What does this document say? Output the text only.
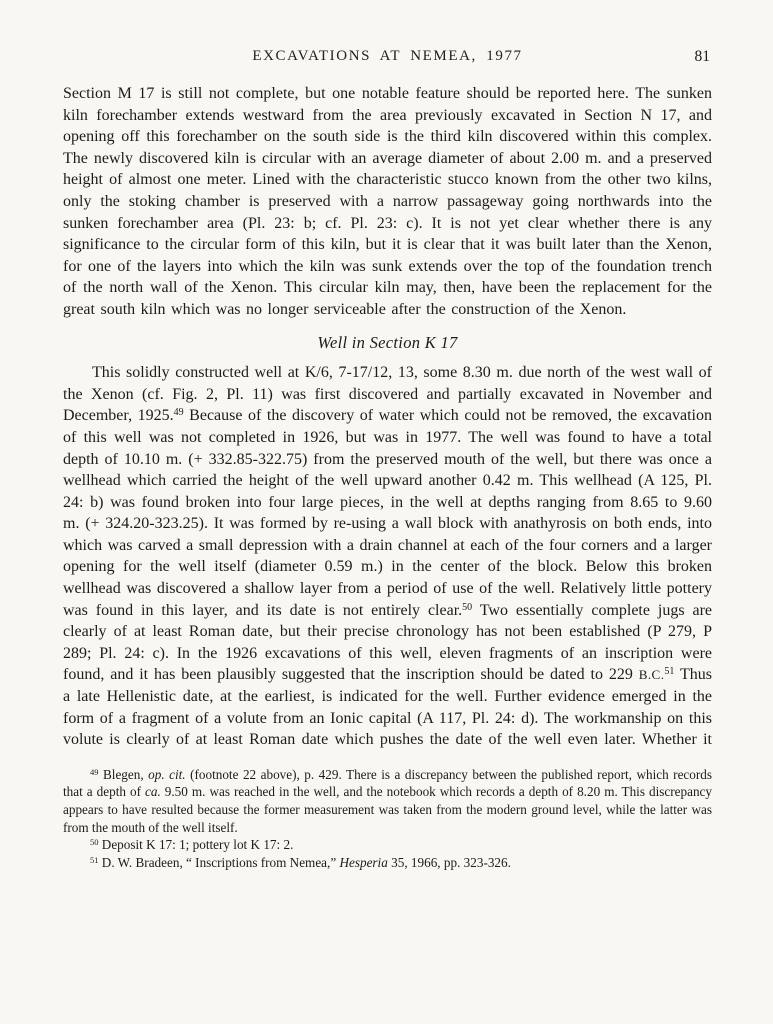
EXCAVATIONS AT NEMEA, 1977	81

Section M 17 is still not complete, but one notable feature should be reported here. The sunken kiln forechamber extends westward from the area previously excavated in Section N 17, and opening off this forechamber on the south side is the third kiln discovered within this complex. The newly discovered kiln is circular with an average diameter of about 2.00 m. and a preserved height of almost one meter. Lined with the characteristic stucco known from the other two kilns, only the stoking chamber is preserved with a narrow passageway going northwards into the sunken forechamber area (Pl. 23: b; cf. Pl. 23: c). It is not yet clear whether there is any significance to the circular form of this kiln, but it is clear that it was built later than the Xenon, for one of the layers into which the kiln was sunk extends over the top of the foundation trench of the north wall of the Xenon. This circular kiln may, then, have been the replacement for the great south kiln which was no longer serviceable after the construction of the Xenon.

Well in Section K 17

This solidly constructed well at K/6, 7-17/12, 13, some 8.30 m. due north of the west wall of the Xenon (cf. Fig. 2, Pl. 11) was first discovered and partially excavated in November and December, 1925.49 Because of the discovery of water which could not be removed, the excavation of this well was not completed in 1926, but was in 1977. The well was found to have a total depth of 10.10 m. (+ 332.85-322.75) from the preserved mouth of the well, but there was once a wellhead which carried the height of the well upward another 0.42 m. This wellhead (A 125, Pl. 24: b) was found broken into four large pieces, in the well at depths ranging from 8.65 to 9.60 m. (+ 324.20-323.25). It was formed by re-using a wall block with anathyrosis on both ends, into which was carved a small depression with a drain channel at each of the four corners and a larger opening for the well itself (diameter 0.59 m.) in the center of the block. Below this broken wellhead was discovered a shallow layer from a period of use of the well. Relatively little pottery was found in this layer, and its date is not entirely clear.$^{50}$ Two essentially complete jugs are clearly of at least Roman date, but their precise chronology has not been established (P 279, P 289; Pl. 24: c). In the 1926 excavations of this well, eleven fragments of an inscription were found, and it has been plausibly suggested that the inscription should be dated to 229 B.C.$^{51}$ Thus a late Hellenistic date, at the earliest, is indicated for the well. Further evidence emerged in the form of a fragment of a volute from an Ionic capital (A 117, Pl. 24: d). The workmanship on this volute is clearly of at least Roman date which pushes the date of the well even later. Whether it

$^{49}$ Blegen, op. cit. (footnote 22 above), p. 429. There is a discrepancy between the published report, which records that a depth of ca. 9.50 m. was reached in the well, and the notebook which records a depth of 8.20 m. This discrepancy appears to have resulted because the former measurement was taken from the modern ground level, while the latter was from the mouth of the well itself.

$^{50}$ Deposit K 17: 1; pottery lot K 17: 2.

$^{51}$ D. W. Bradeen, “ Inscriptions from Nemea,” Hesperia 35, 1966, pp. 323-326.
